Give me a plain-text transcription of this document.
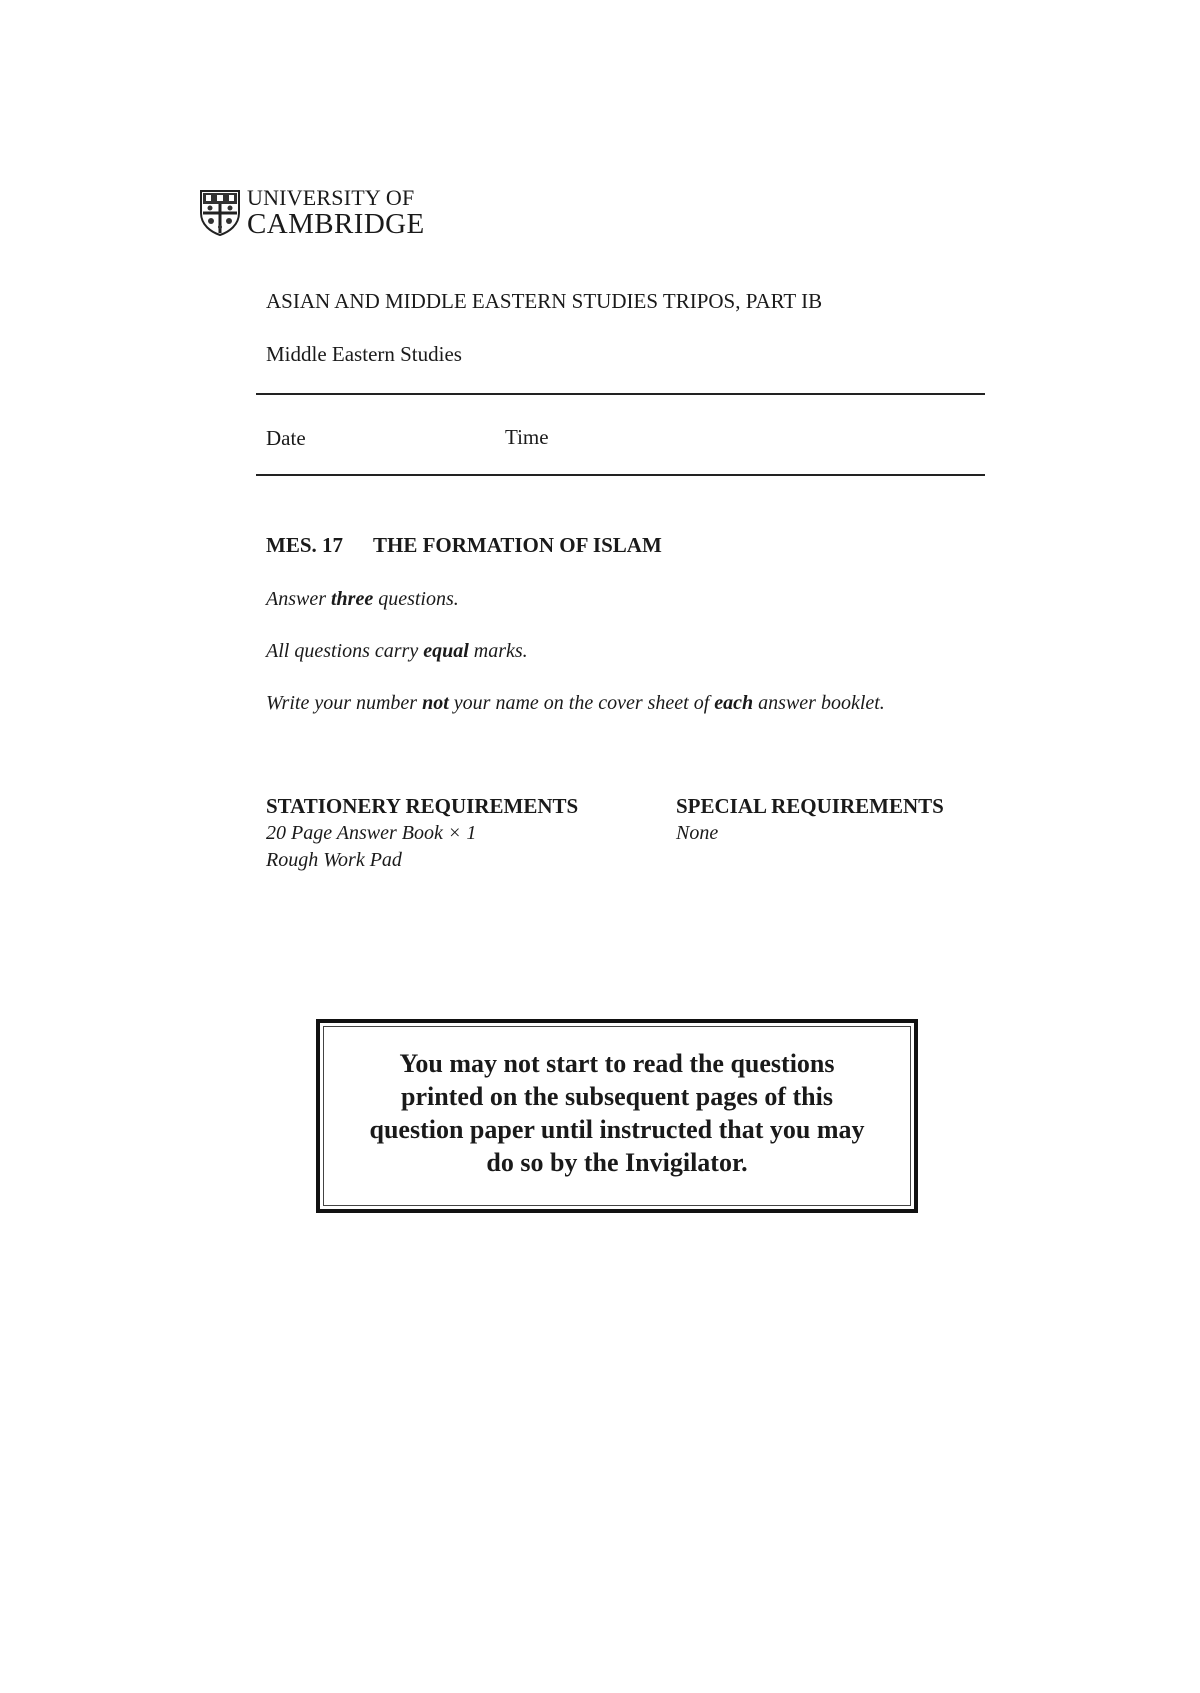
UNIVERSITY OF
CAMBRIDGE
ASIAN AND MIDDLE EASTERN STUDIES TRIPOS, PART IB
Middle Eastern Studies
Date	Time
MES. 17 THE FORMATION OF ISLAM
Answer three questions.
All questions carry equal marks.
Write your number not your name on the cover sheet of each answer booklet.
STATIONERY REQUIREMENTS
20 Page Answer Book × 1
Rough Work Pad
SPECIAL REQUIREMENTS
None
You may not start to read the questions
printed on the subsequent pages of this
question paper until instructed that you may
do so by the Invigilator.
